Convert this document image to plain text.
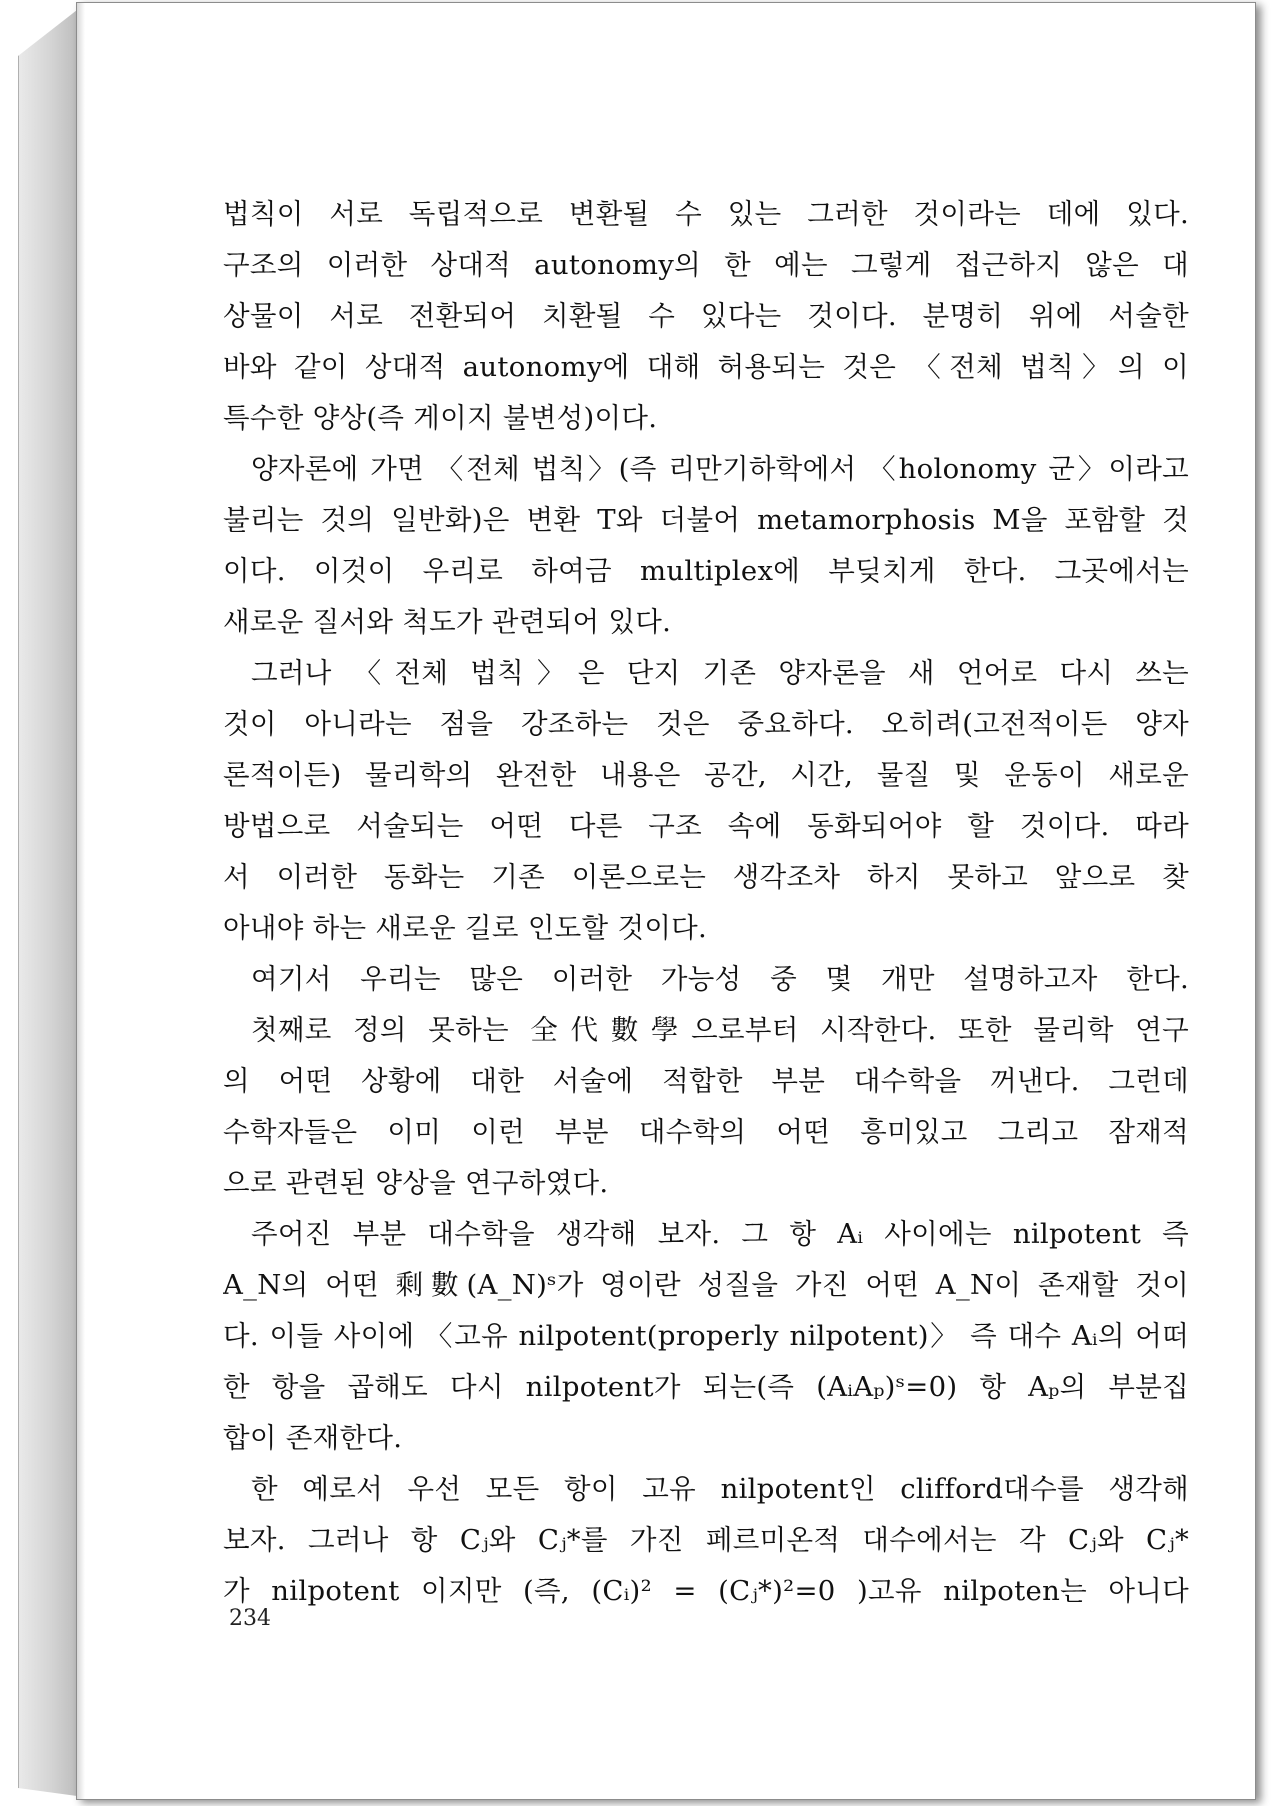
법칙이 서로 독립적으로 변환될 수 있는 그러한 것이라는 데에 있다.
구조의 이러한 상대적 autonomy의 한 예는 그렇게 접근하지 않은 대
상물이 서로 전환되어 치환될 수 있다는 것이다. 분명히 위에 서술한
바와 같이 상대적 autonomy에 대해 허용되는 것은 〈전체 법칙〉의 이
특수한 양상(즉 게이지 불변성)이다.
양자론에 가면 〈전체 법칙〉(즉 리만기하학에서 〈holonomy 군〉이라고
불리는 것의 일반화)은 변환 T와 더불어 metamorphosis M을 포함할 것
이다. 이것이 우리로 하여금 multiplex에 부딪치게 한다. 그곳에서는
새로운 질서와 척도가 관련되어 있다.
그러나 〈전체 법칙〉은 단지 기존 양자론을 새 언어로 다시 쓰는
것이 아니라는 점을 강조하는 것은 중요하다. 오히려(고전적이든 양자
론적이든) 물리학의 완전한 내용은 공간, 시간, 물질 및 운동이 새로운
방법으로 서술되는 어떤 다른 구조 속에 동화되어야 할 것이다. 따라
서 이러한 동화는 기존 이론으로는 생각조차 하지 못하고 앞으로 찾
아내야 하는 새로운 길로 인도할 것이다.
여기서 우리는 많은 이러한 가능성 중 몇 개만 설명하고자 한다.
첫째로 정의 못하는 全代數學으로부터 시작한다. 또한 물리학 연구
의 어떤 상황에 대한 서술에 적합한 부분 대수학을 꺼낸다. 그런데
수학자들은 이미 이런 부분 대수학의 어떤 흥미있고 그리고 잠재적
으로 관련된 양상을 연구하였다.
주어진 부분 대수학을 생각해 보자. 그 항 Aᵢ 사이에는 nilpotent 즉
A_N의 어떤 剩數(A_N)ˢ가 영이란 성질을 가진 어떤 A_N이 존재할 것이
다. 이들 사이에 〈고유 nilpotent(properly nilpotent)〉 즉 대수 Aᵢ의 어떠
한 항을 곱해도 다시 nilpotent가 되는(즉 (AᵢAₚ)ˢ=0) 항 Aₚ의 부분집
합이 존재한다.
한 예로서 우선 모든 항이 고유 nilpotent인 clifford대수를 생각해
보자. 그러나 항 Cⱼ와 Cⱼ*를 가진 페르미온적 대수에서는 각 Cⱼ와 Cⱼ*
가 nilpotent 이지만 (즉, (Cᵢ)² = (Cⱼ*)²=0 )고유 nilpoten는 아니다
234
